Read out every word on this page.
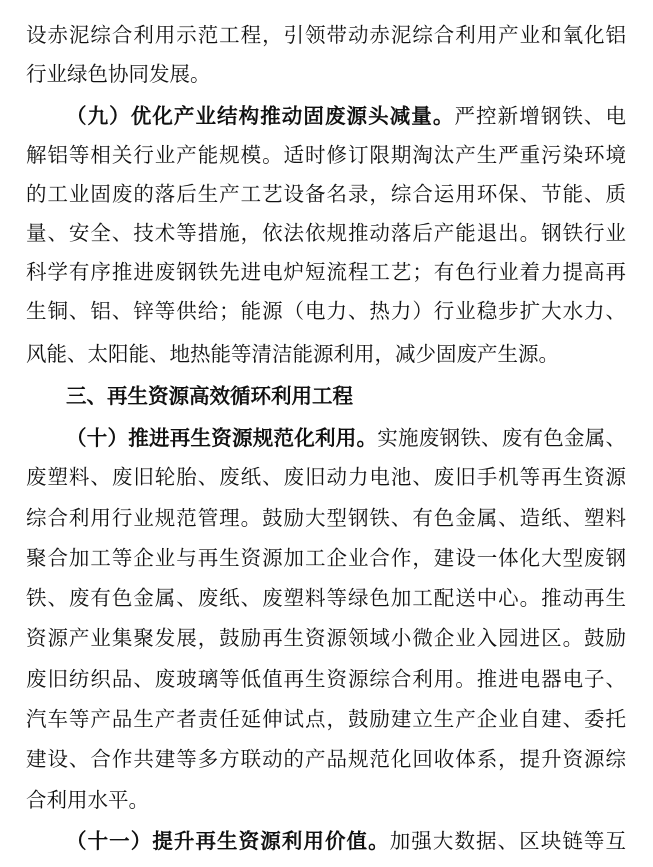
设赤泥综合利用示范工程，引领带动赤泥综合利用产业和氧化铝
行业绿色协同发展。
（九）优化产业结构推动固废源头减量。严控新增钢铁、电
解铝等相关行业产能规模。适时修订限期淘汰产生严重污染环境
的工业固废的落后生产工艺设备名录，综合运用环保、节能、质
量、安全、技术等措施，依法依规推动落后产能退出。钢铁行业
科学有序推进废钢铁先进电炉短流程工艺；有色行业着力提高再
生铜、铝、锌等供给；能源（电力、热力）行业稳步扩大水力、
风能、太阳能、地热能等清洁能源利用，减少固废产生源。
三、再生资源高效循环利用工程
（十）推进再生资源规范化利用。实施废钢铁、废有色金属、
废塑料、废旧轮胎、废纸、废旧动力电池、废旧手机等再生资源
综合利用行业规范管理。鼓励大型钢铁、有色金属、造纸、塑料
聚合加工等企业与再生资源加工企业合作，建设一体化大型废钢
铁、废有色金属、废纸、废塑料等绿色加工配送中心。推动再生
资源产业集聚发展，鼓励再生资源领域小微企业入园进区。鼓励
废旧纺织品、废玻璃等低值再生资源综合利用。推进电器电子、
汽车等产品生产者责任延伸试点，鼓励建立生产企业自建、委托
建设、合作共建等多方联动的产品规范化回收体系，提升资源综
合利用水平。
（十一）提升再生资源利用价值。加强大数据、区块链等互
